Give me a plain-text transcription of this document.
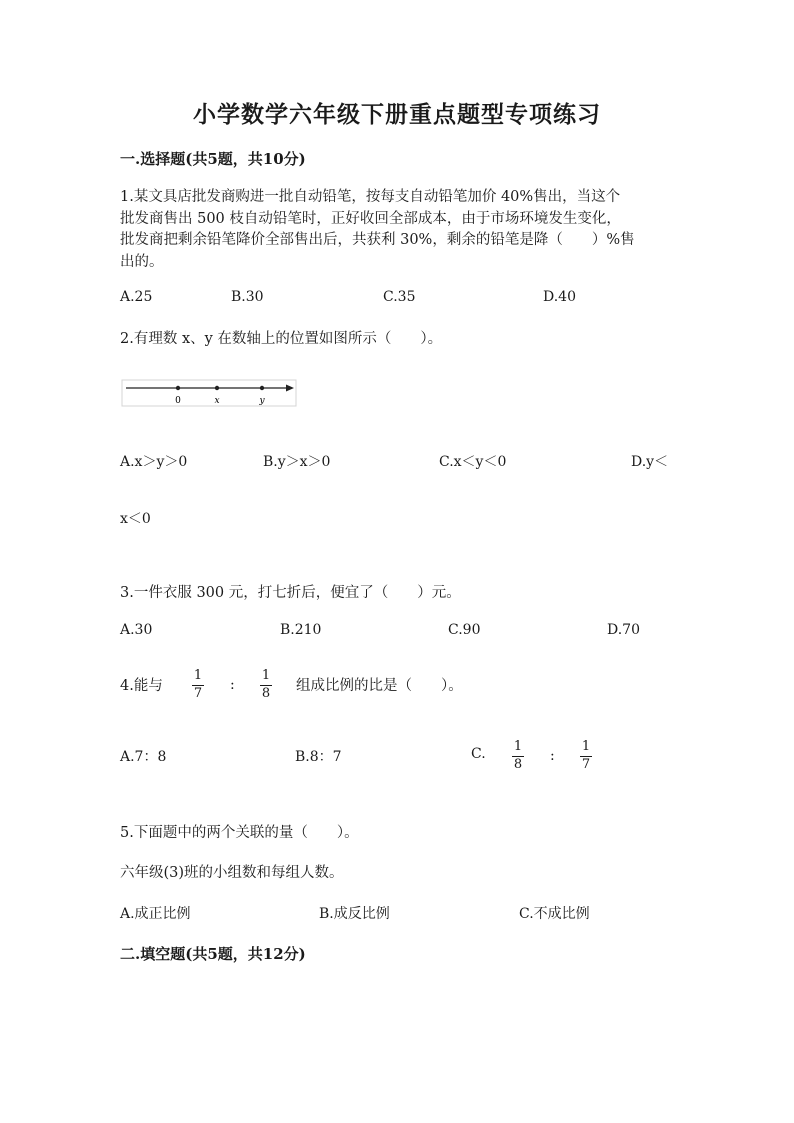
小学数学六年级下册重点题型专项练习
一.选择题(共5题，共10分)
1.某文具店批发商购进一批自动铅笔，按每支自动铅笔加价 40%售出，当这个
批发商售出 500 枝自动铅笔时，正好收回全部成本，由于市场环境发生变化，
批发商把剩余铅笔降价全部售出后，共获利 30%，剩余的铅笔是降（　　）%售
出的。
A.25	B.30	C.35	D.40
2.有理数 x、y 在数轴上的位置如图所示（　　）。
0	x	y
A.x＞y＞0	B.y＞x＞0	C.x＜y＜0	D.y＜
x＜0
3.一件衣服 300 元，打七折后，便宜了（　　）元。
A.30	B.210	C.90	D.70
4.能与
1
7
:
1
8 组成比例的比是（　　）。
A.7：8	B.8：7	C. 1
8
:
1
7
5.下面题中的两个关联的量（　　）。
六年级(3)班的小组数和每组人数。
A.成正比例	B.成反比例	C.不成比例
二.填空题(共5题，共12分)
